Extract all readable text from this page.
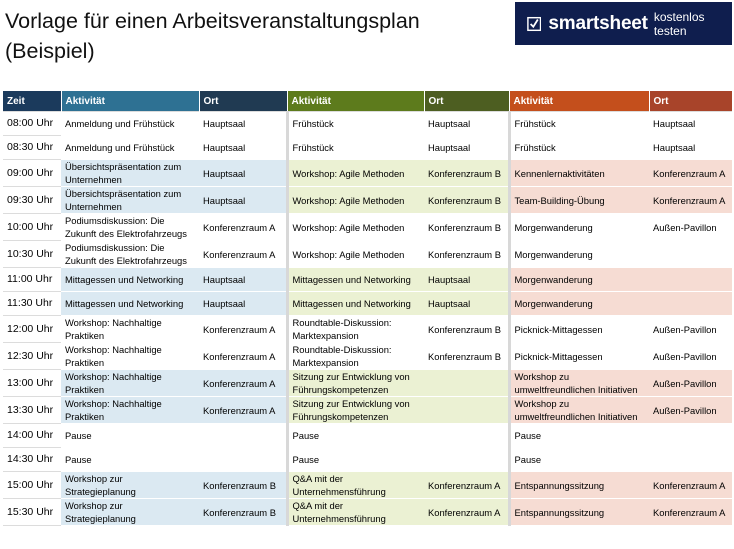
Vorlage für einen Arbeitsveranstaltungsplan (Beispiel)
smartsheet kostenlos testen
Zeit	Aktivität	Ort	Aktivität	Ort	Aktivität	Ort
08:00 Uhr	Anmeldung und Frühstück	Hauptsaal	Frühstück	Hauptsaal	Frühstück	Hauptsaal
08:30 Uhr	Anmeldung und Frühstück	Hauptsaal	Frühstück	Hauptsaal	Frühstück	Hauptsaal
09:00 Uhr	Übersichtspräsentation zum Unternehmen	Hauptsaal	Workshop: Agile Methoden	Konferenzraum B	Kennenlernaktivitäten	Konferenzraum A
09:30 Uhr	Übersichtspräsentation zum Unternehmen	Hauptsaal	Workshop: Agile Methoden	Konferenzraum B	Team-Building-Übung	Konferenzraum A
10:00 Uhr	Podiumsdiskussion: Die Zukunft des Elektrofahrzeugs	Konferenzraum A	Workshop: Agile Methoden	Konferenzraum B	Morgenwanderung	Außen-Pavillon
10:30 Uhr	Podiumsdiskussion: Die Zukunft des Elektrofahrzeugs	Konferenzraum A	Workshop: Agile Methoden	Konferenzraum B	Morgenwanderung	
11:00 Uhr	Mittagessen und Networking	Hauptsaal	Mittagessen und Networking	Hauptsaal	Morgenwanderung	
11:30 Uhr	Mittagessen und Networking	Hauptsaal	Mittagessen und Networking	Hauptsaal	Morgenwanderung	
12:00 Uhr	Workshop: Nachhaltige Praktiken	Konferenzraum A	Roundtable-Diskussion: Marktexpansion	Konferenzraum B	Picknick-Mittagessen	Außen-Pavillon
12:30 Uhr	Workshop: Nachhaltige Praktiken	Konferenzraum A	Roundtable-Diskussion: Marktexpansion	Konferenzraum B	Picknick-Mittagessen	Außen-Pavillon
13:00 Uhr	Workshop: Nachhaltige Praktiken	Konferenzraum A	Sitzung zur Entwicklung von Führungskompetenzen		Workshop zu umweltfreundlichen Initiativen	Außen-Pavillon
13:30 Uhr	Workshop: Nachhaltige Praktiken	Konferenzraum A	Sitzung zur Entwicklung von Führungskompetenzen		Workshop zu umweltfreundlichen Initiativen	Außen-Pavillon
14:00 Uhr	Pause		Pause		Pause	
14:30 Uhr	Pause		Pause		Pause	
15:00 Uhr	Workshop zur Strategieplanung	Konferenzraum B	Q&A mit der Unternehmensführung	Konferenzraum A	Entspannungssitzung	Konferenzraum A
15:30 Uhr	Workshop zur Strategieplanung	Konferenzraum B	Q&A mit der Unternehmensführung	Konferenzraum A	Entspannungssitzung	Konferenzraum A
